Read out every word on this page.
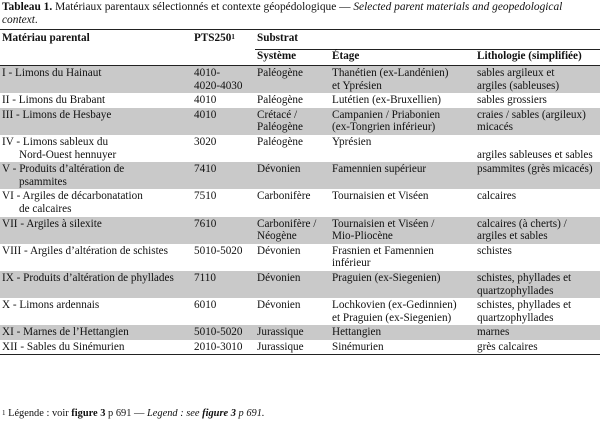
Tableau 1. Matériaux parentaux sélectionnés et contexte géopédologique — Selected parent materials and geopedological context.
Matériau parental	$PTS250^1$	Substrat		
		Système	Étage	Lithologie (simplifiée)

I - Limons du Hainaut	4010-
4020-4030	Paléogène	Thanétien (ex-Landénien)
et Yprésien	sables argileux et
argiles (sableuses)

II - Limons du Brabant	4010	Paléogène	Lutétien (ex-Bruxellien)	sables grossiers

III - Limons de Hesbaye	4010	Crétacé /
Paléogène	Campanien / Priabonien
(ex-Tongrien inférieur)	craies / sables (argileux)
micacés

IV - Limons sableux du
Nord-Ouest hennuyer	3020	Paléogène	Yprésien	argiles sableuses et sables

V - Produits d’altération de
psammites	7410	Dévonien	Famennien supérieur	psammites (grès micacés)

VI - Argiles de décarbonatation
de calcaires	7510	Carbonifère	Tournaisien et Viséen	calcaires

VII - Argiles à silexite	7610	Carbonifère /
Néogène	Tournaisien et Viséen /
Mio-Pliocène	calcaires (à cherts) /
argiles et sables

VIII - Argiles d’altération de schistes	5010-5020	Dévonien	Frasnien et Famennien
inférieur	schistes

IX - Produits d’altération de phyllades	7110	Dévonien	Praguien (ex-Siegenien)	schistes, phyllades et
quartzophyllades

X - Limons ardennais	6010	Dévonien	Lochkovien (ex-Gedinnien)
et Praguien (ex-Siegenien)	schistes, phyllades et
quartzophyllades

XI - Marnes de l’Hettangien	5010-5020	Jurassique	Hettangien	marnes

XII - Sables du Sinémurien	2010-3010	Jurassique	Sinémurien	grès calcaires
$^1$ Légende : voir figure 3 p 691 — Legend : see figure 3 p 691.
